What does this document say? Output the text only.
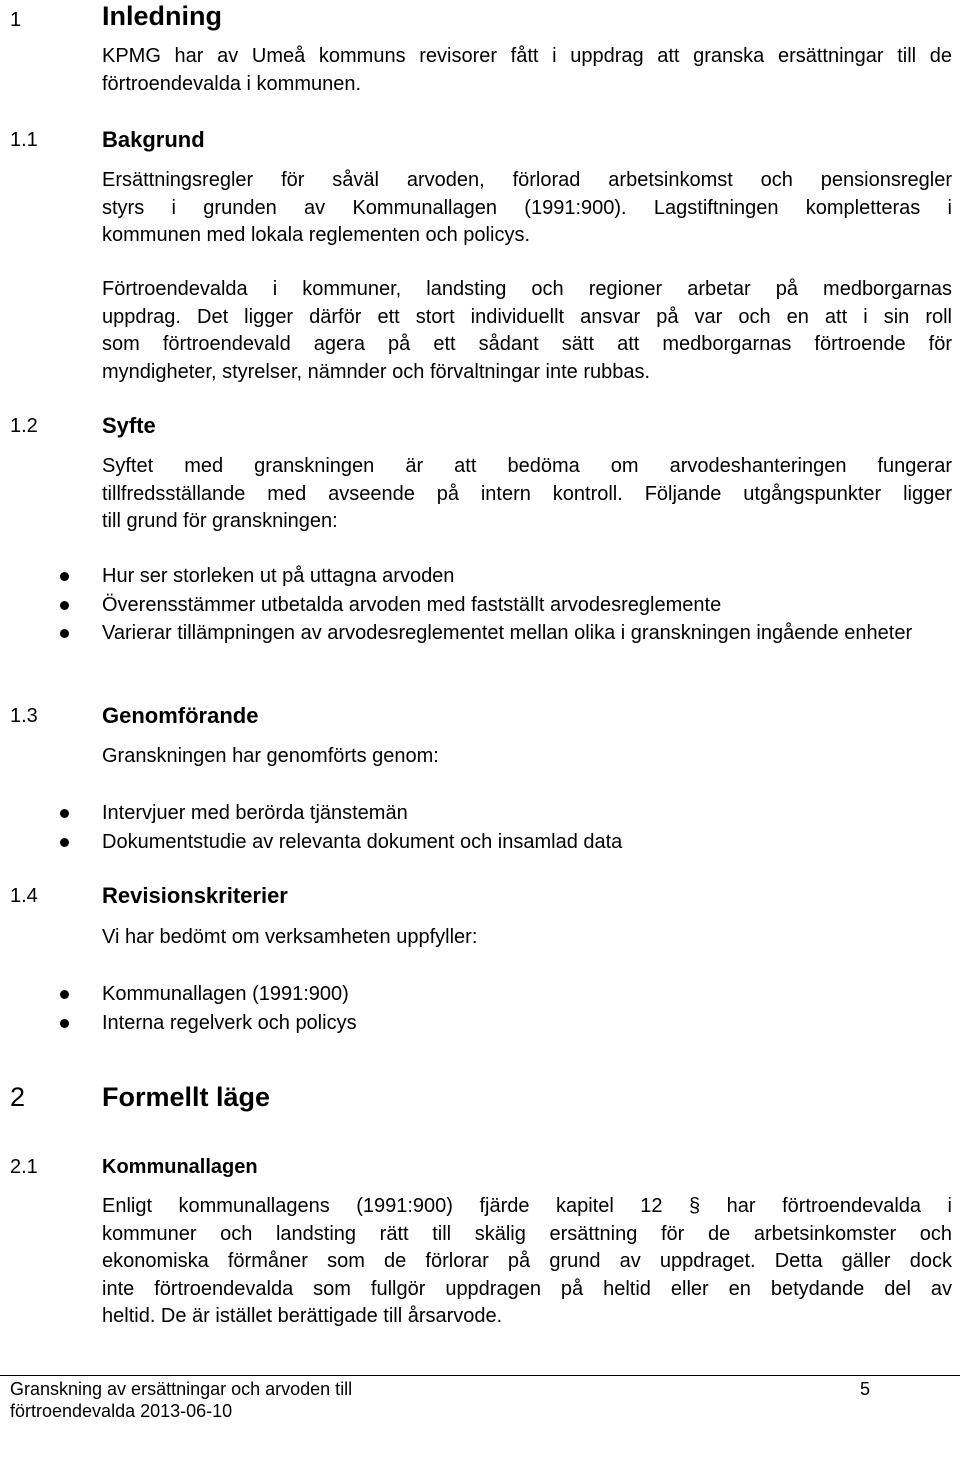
1	Inledning
KPMG har av Umeå kommuns revisorer fått i uppdrag att granska ersättningar till de förtroendevalda i kommunen.
1.1	Bakgrund
Ersättningsregler för såväl arvoden, förlorad arbetsinkomst och pensionsregler
styrs i grunden av Kommunallagen (1991:900). Lagstiftningen kompletteras i
kommunen med lokala reglementen och policys.
Förtroendevalda i kommuner, landsting och regioner arbetar på medborgarnas
uppdrag. Det ligger därför ett stort individuellt ansvar på var och en att i sin roll
som förtroendevald agera på ett sådant sätt att medborgarnas förtroende för
myndigheter, styrelser, nämnder och förvaltningar inte rubbas.
1.2	Syfte
Syftet med granskningen är att bedöma om arvodeshanteringen fungerar
tillfredsställande med avseende på intern kontroll. Följande utgångspunkter ligger
till grund för granskningen:
Hur ser storleken ut på uttagna arvoden
Överensstämmer utbetalda arvoden med fastställt arvodesreglemente
Varierar tillämpningen av arvodesreglementet mellan olika i granskningen ingående enheter
1.3	Genomförande
Granskningen har genomförts genom:
Intervjuer med berörda tjänstemän
Dokumentstudie av relevanta dokument och insamlad data
1.4	Revisionskriterier
Vi har bedömt om verksamheten uppfyller:
Kommunallagen (1991:900)
Interna regelverk och policys
2	Formellt läge
2.1	Kommunallagen
Enligt kommunallagens (1991:900) fjärde kapitel 12 § har förtroendevalda i
kommuner och landsting rätt till skälig ersättning för de arbetsinkomster och
ekonomiska förmåner som de förlorar på grund av uppdraget. Detta gäller dock
inte förtroendevalda som fullgör uppdragen på heltid eller en betydande del av
heltid. De är istället berättigade till årsarvode.
Granskning av ersättningar och arvoden till
förtroendevalda 2013-06-10
5
